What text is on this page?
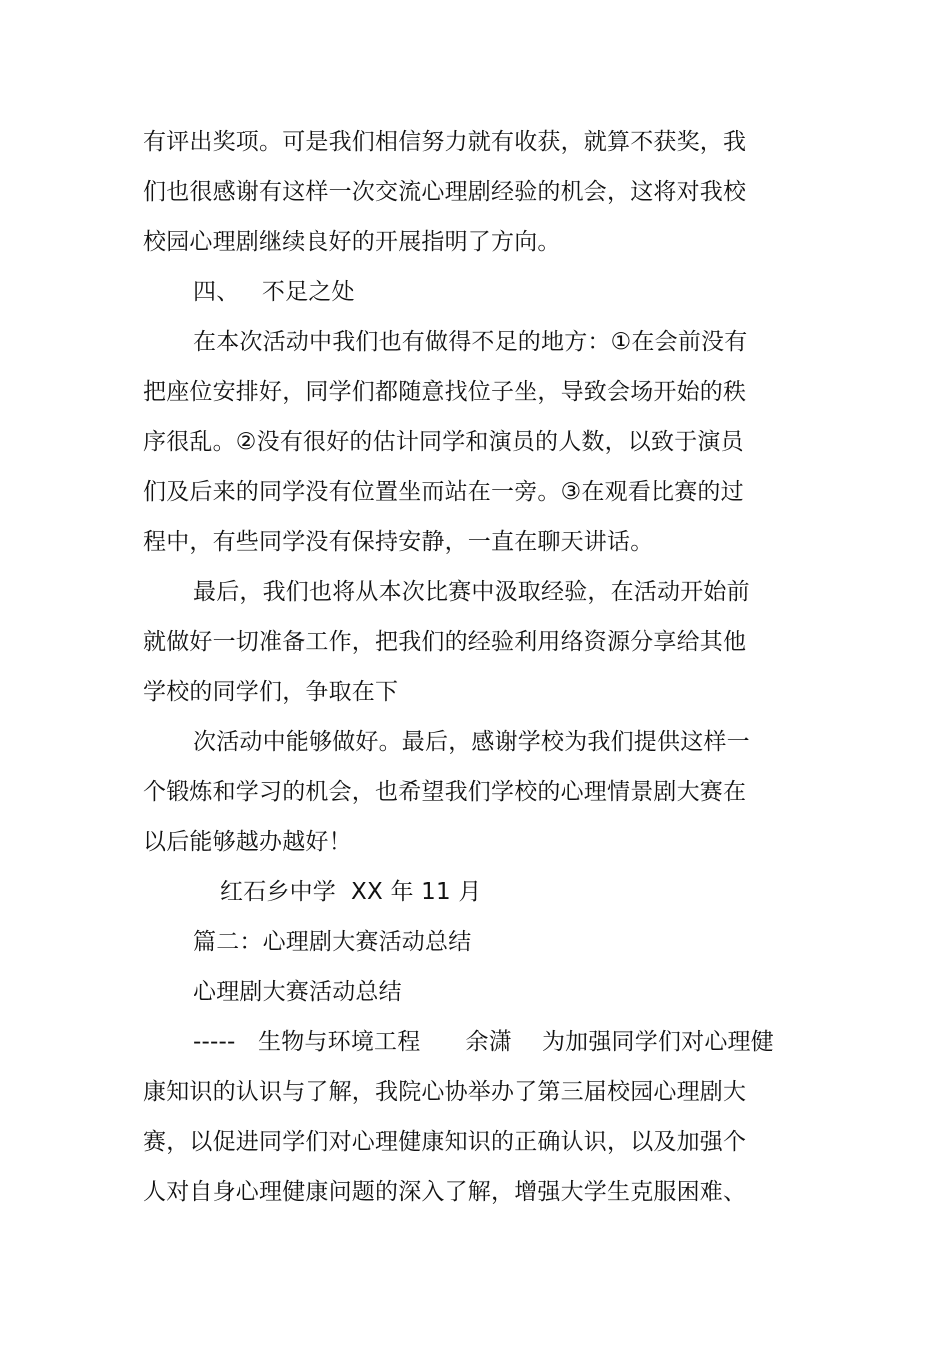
有评出奖项。可是我们相信努力就有收获，就算不获奖，我
们也很感谢有这样一次交流心理剧经验的机会，这将对我校
校园心理剧继续良好的开展指明了方向。
四、   不足之处
在本次活动中我们也有做得不足的地方：①在会前没有
把座位安排好，同学们都随意找位子坐，导致会场开始的秩
序很乱。②没有很好的估计同学和演员的人数，以致于演员
们及后来的同学没有位置坐而站在一旁。③在观看比赛的过
程中，有些同学没有保持安静，一直在聊天讲话。
最后，我们也将从本次比赛中汲取经验，在活动开始前
就做好一切准备工作，把我们的经验利用络资源分享给其他
学校的同学们，争取在下
次活动中能够做好。最后，感谢学校为我们提供这样一
个锻炼和学习的机会，也希望我们学校的心理情景剧大赛在
以后能够越办越好！
红石乡中学  XX 年 11 月
篇二：心理剧大赛活动总结
心理剧大赛活动总结
-----   生物与环境工程      余潇    为加强同学们对心理健
康知识的认识与了解，我院心协举办了第三届校园心理剧大
赛，以促进同学们对心理健康知识的正确认识，以及加强个
人对自身心理健康问题的深入了解，增强大学生克服困难、
